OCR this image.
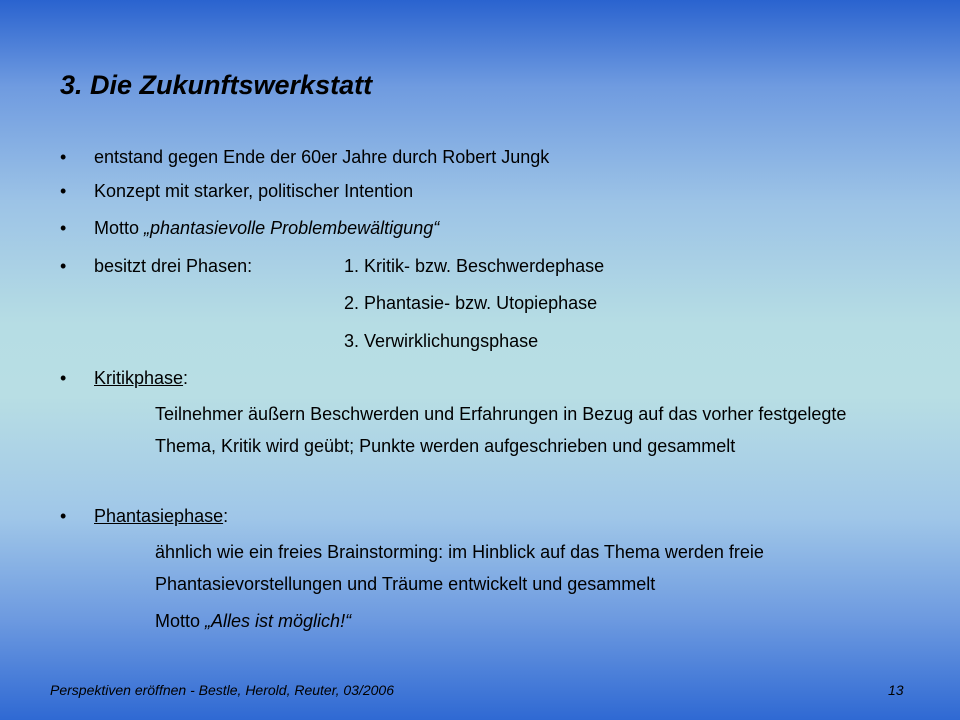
3. Die Zukunftswerkstatt
• entstand gegen Ende der 60er Jahre durch Robert Jungk
• Konzept mit starker, politischer Intention
• Motto „phantasievolle Problembewältigung“
• besitzt drei Phasen:	1. Kritik- bzw. Beschwerdephase
2. Phantasie- bzw. Utopiephase
3. Verwirklichungsphase
• Kritikphase:
Teilnehmer äußern Beschwerden und Erfahrungen in Bezug auf das vorher festgelegte Thema, Kritik wird geübt; Punkte werden aufgeschrieben und gesammelt
• Phantasiephase:
ähnlich wie ein freies Brainstorming: im Hinblick auf das Thema werden freie Phantasievorstellungen und Träume entwickelt und gesammelt
Motto „Alles ist möglich!“
Perspektiven eröffnen - Bestle, Herold, Reuter, 03/2006	13
